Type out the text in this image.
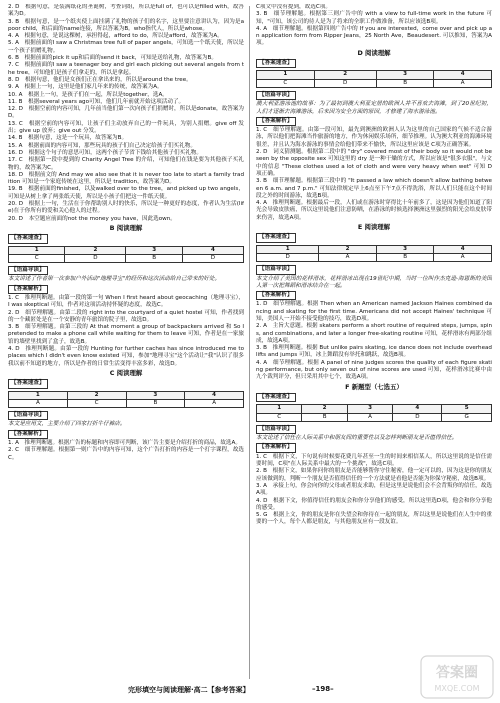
2. D　根据句意，是装满纸花的圣诞树，考查词组，所以是full of，也可以是filled with，故答案为D。
3. B　根据句意，是一个纸夹使上面挂满了礼物的孩子们的名字，这里要注意讲认为，因为是a poor child，和后面的name连接，所以答案为B。who指代人，所以是whose。
4. A　根据句意，是说这棵树，承担得起，afford to do，所以是afford，故答案为A。
5. A　根据前面的I saw a Christmas tree full of paper angels，可知选一个纸天使，所以是一个孩子捐赠礼物。
6. B　根据前面的pick it up和后面的send it back，可知是送给礼物，故答案为B。
7. C　根据前面的I saw a teenager boy and girl each picking out several angels from the tree，可知他们是孩子们拿走的，所以是拿起。
8. D　根据句意，他们是女孩们正在拿出来的，所以是around the tree。
9. A　根据上一句，这里是他们家几年来的传统，故答案为A。
10. A　根据上一句，是孩子们在一起，所以是together，选A。
11. B　根据several years ago可知，他们几年前就开始这项活动了。
12. D　根据空前的内容可知，几年前当他们第一次向孩子们捐赠时，所以是donate，故答案为D。
13. C　根据空前的内容可知，让孩子们主动放弃自己的一件玩具，为别人捐赠。give off 发出；give up 放弃；give out 分发。
14. B　根据句意，这是一个玩具，故答案为B。
15. A　根据前面的内容可知，那些玩具的孩子们自己决定给孩子们买礼物。
16. D　根据这个句子的意思可知，这两个孩子节省下钱给其他孩子们买礼物。
17. C　根据第一段中提到的 Charity Angel Tree 的介绍，可知他们在钱是要为其他孩子买礼物的，故答案为C。
18. D　根据前文的 And may we also see that it is never too late to start a family tradition 可知是一个家庭传统在这里，所以是 tradition，故答案为D。
19. B　根据前面的finished，以及walked over to the tree，and picked up two angels，可知是从树上拿了两张纸天使，所以是小孩子们把这一件纸天使。
20. D　根据上一句，生活在于你帮助别人时的快乐，所以是一种更好的态度，作者认为生活(life)在于你所有的爱和关心他人的过程。
20. D　本空题应前面的not the money you have，因此选own。
B 阅读理解
【答案速查】
1	2	3	4
C	D	B	D
【语篇导读】
本文讲述了作者第一次参加户外活动"地理寻宝"的经历和这次活动给自己带来的好处。
【答案解析】
1. C　推理判断题。由第一段的第一句 When I first heard about geocaching（地理寻宝），I was skeptical 可知，作者对这项活动持怀疑的态度，故选C。
2. D　细节理解题。由第二段的 right into the courtyard of a quiet hostel 可知，作者找到的一个藏匿处是在一个安静的青年旅馆的院子里，故选D。
3. B　细节理解题。由第三段的 At that moment a group of backpackers arrived 和 So I pretended to make a phone call while waiting for them to leave 可知，作者是在一家旅馆的墙壁里找到了盒子，故选B。
4. D　推理判断题。由第一段的 Hunting for further caches has since introduced me to places which I didn't even know existed 可知，参加"地理寻宝"这个活动让"我"认识了很多我以前不知道的地方，所以是作者的日常生活变得丰富多彩，故选D。
C 阅读理解
【答案速查】
1	2	3	4
A	C	B	A
【语篇导读】
本文是应用文，主要介绍了四家打折牛仔裤店。
【答案解析】
1. A　推理判断题。根据广告的标题和内容即可判断，该广告主要是介绍打折的商品，故选A。
2. C　细节理解题。根据第一则广告中的内容可知，这个广告打折的内容是一个打字课程，故选C。
C项文中没有提到，故选C项。
3. B　细节理解题。根据第三则广告中的 with a view to full-time work in the future 可知，"可知，该公司的待人是为了将来的全职工作做准备，所以应该选B项。
4. A　细节理解题。根据第四则广告中的 If you are interested，come over and pick up an application form from Ripper Jeans，25 North Ave，Beaudesert. 可以推知，答案为A项。
D 阅读理解
【答案速查】
1	2	3	4
C	D	B	A
【语篇导读】
澳大利亚游泳池的故事：为了最初到澳大利亚定居的欧洲人并不喜欢去海滩，到了20世纪初，人们才逐渐去海滩游泳，后来因为安全方面的原因，才修建了海水游泳池。
【答案解析】
1. C　细节理解题。由第一段可知，最先到澳洲的欧洲人认为这里的自己国家的气候不适合游泳，所以他们把海滩当作旅游的地方，作为休闲娱乐场所，细节推理。认为澳大利亚的海滩环境很差，并且认为海水游泳的事情会给他们带来不愉快，所以这里应该是 C项为正确答案。
2. D　词义猜测题。根据第二段中的 "dry" covered most of their body so it would not be seen by the opposite sex 可知这里的 dry 是一种干燥的方式，所以应该是"很多衣服"，与文中的信息 "These clothes used a lot of cloth and were very heavy when wet" 可知 D 项正确。
3. B　细节理解题。根据第三段中的 "It passed a law which doesn't allow bathing between 6 a.m. and 7 p.m." 可知法律规定早上6点至下午7点不得洗浴，所以人们只能在这个时间段之外的时间游泳，故选B项。
4. A　推理判断题。根据最后一段，人们或在游泳时穿得比十年前多了，这是因为他们知道了阳光会导致皮肤癌，所以这里说他们注意防晒，在游泳的时候选择澳洲这里强烈的阳光会给皮肤带来伤害，故选A项。
E 阅读理解
【答案速查】
1	2	3	4
D	A	B	A
【语篇导读】
本文介绍了美国的花样滑冰，花样滑冰出现在19世纪中期，当时一位叫作杰克逊·海恩斯的美国人第一次把舞蹈和滑冰结合在一起。
【答案解析】
1. D　细节理解题。根据 Then when an American named Jackson Haines combined dancing and skating for the first time. Americans did not accept Haines' technique 可知，美国人一开始不接受他的技巧，故选D项。
2. A　主旨大意题。根据 skaters perform a short routine of required steps, jumps, spins, and combinations, and later a longer free-skating routine 可知，花样滑冰有两部分组成，故选A项。
3. B　推理判断题。根据 But unlike pairs skating, ice dance does not include overhead lifts and jumps 可知，冰上舞蹈没有举托和跳跃，故选B项。
4. A　细节理解题。根据 A panel of nine judges scores the quality of each figure skating performance, but only seven out of nine scores are used 可知，花样滑冰比赛中由九个裁判评分，但只采用其中七个，故选A项。
F 新题型（七选五）
【答案速查】
1	2	3	4	5
C	B	A	D	G
【语篇导读】
本文论述了信任在人际关系中和朋友间的重要性以及怎样判断朋友是否值得信任。
【答案解析】
1. C　根据下文，下句说有时候要花费几年甚至一生的时间来相信某人，所以这里说的是信任需要时间，C项"在人际关系中最大的一个挑战"，故选C项。
2. B　根据下文，如果你问你的朋友是否能够帮你守住秘密，他一定可以的，因为这是你的朋友应该做到的，判断一个朋友是否值得信任的一个方法就是看他是否能为你保守秘密，故选B项。
3. A　承接上句，你会向你的父母或者朋友求助，但是这里是说他们会不会背叛你的信任，故选A项。
4. D　根据下文，你值得信任的朋友会和你分享他们的感受，所以这里选D项，他会和你分享他的感受。
5. G　根据上文，你的朋友是你在失望会和你待在一起的朋友，所以这里是说他们在人生中的重要的一个人，每个人都是朋友，与其他朋友应有一段友谊。
完形填空与阅读理解·高二【参考答案】	–198–
答案圈
MXQE.COM
